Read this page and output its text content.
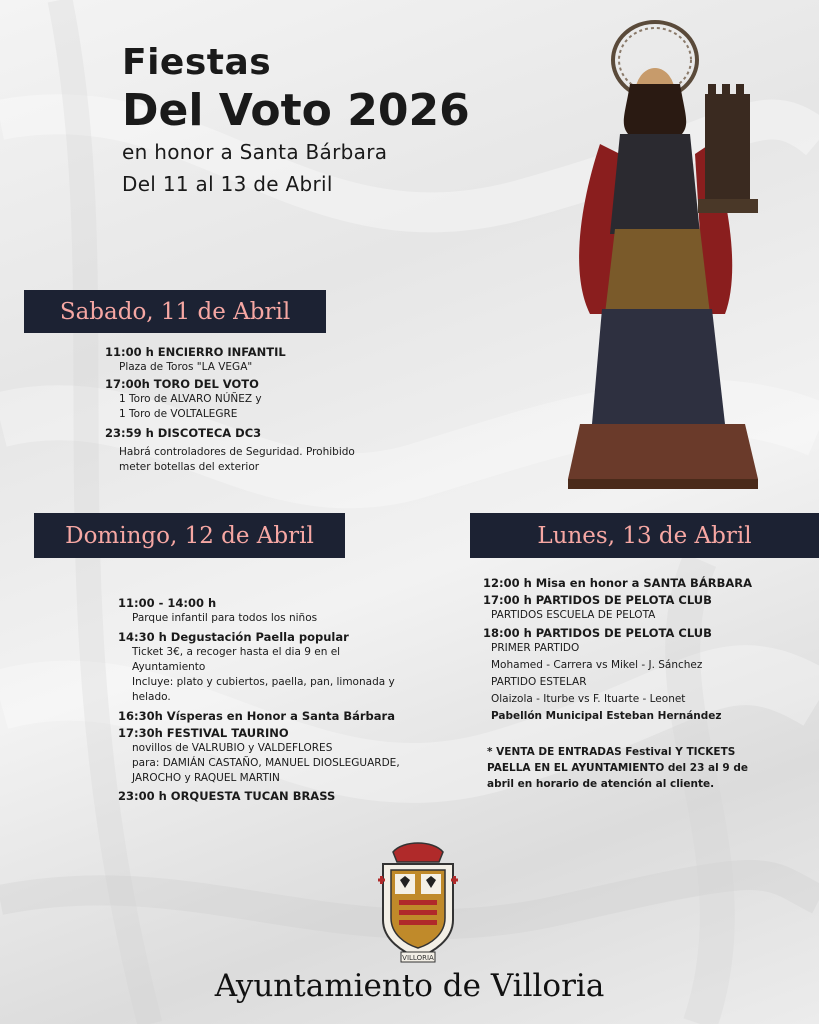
Fiestas
Del Voto 2026
en honor a Santa Bárbara
Del 11 al 13 de Abril
Sabado, 11 de Abril
11:00 h ENCIERRO INFANTIL
Plaza de Toros "LA VEGA"
17:00h TORO DEL VOTO
1 Toro de ALVARO NÚÑEZ y
1 Toro de VOLTALEGRE
23:59 h DISCOTECA DC3
Habrá controladores de Seguridad. Prohibido meter botellas del exterior
Domingo, 12 de Abril
11:00 - 14:00 h
Parque infantil para todos los niños
14:30 h Degustación Paella popular
Ticket 3€, a recoger hasta el dia 9 en el Ayuntamiento
Incluye: plato y cubiertos, paella, pan, limonada y helado.
16:30h Vísperas en Honor a Santa Bárbara
17:30h FESTIVAL TAURINO
novillos de VALRUBIO y VALDEFLORES
para: DAMIÁN CASTAÑO, MANUEL DIOSLEGUARDE, JAROCHO y RAQUEL MARTIN
23:00 h ORQUESTA TUCAN BRASS
Lunes, 13 de Abril
12:00 h Misa en honor a SANTA BÁRBARA
17:00 h PARTIDOS DE PELOTA CLUB
PARTIDOS ESCUELA DE PELOTA
18:00 h PARTIDOS DE PELOTA CLUB
PRIMER PARTIDO
Mohamed - Carrera vs Mikel - J. Sánchez
PARTIDO ESTELAR
Olaizola - Iturbe vs F. Ituarte - Leonet
Pabellón Municipal Esteban Hernández
* VENTA DE ENTRADAS Festival Y TICKETS PAELLA EN EL AYUNTAMIENTO del 23 al 9 de abril en horario de atención al cliente.
VILLORIA
Ayuntamiento de Villoria
